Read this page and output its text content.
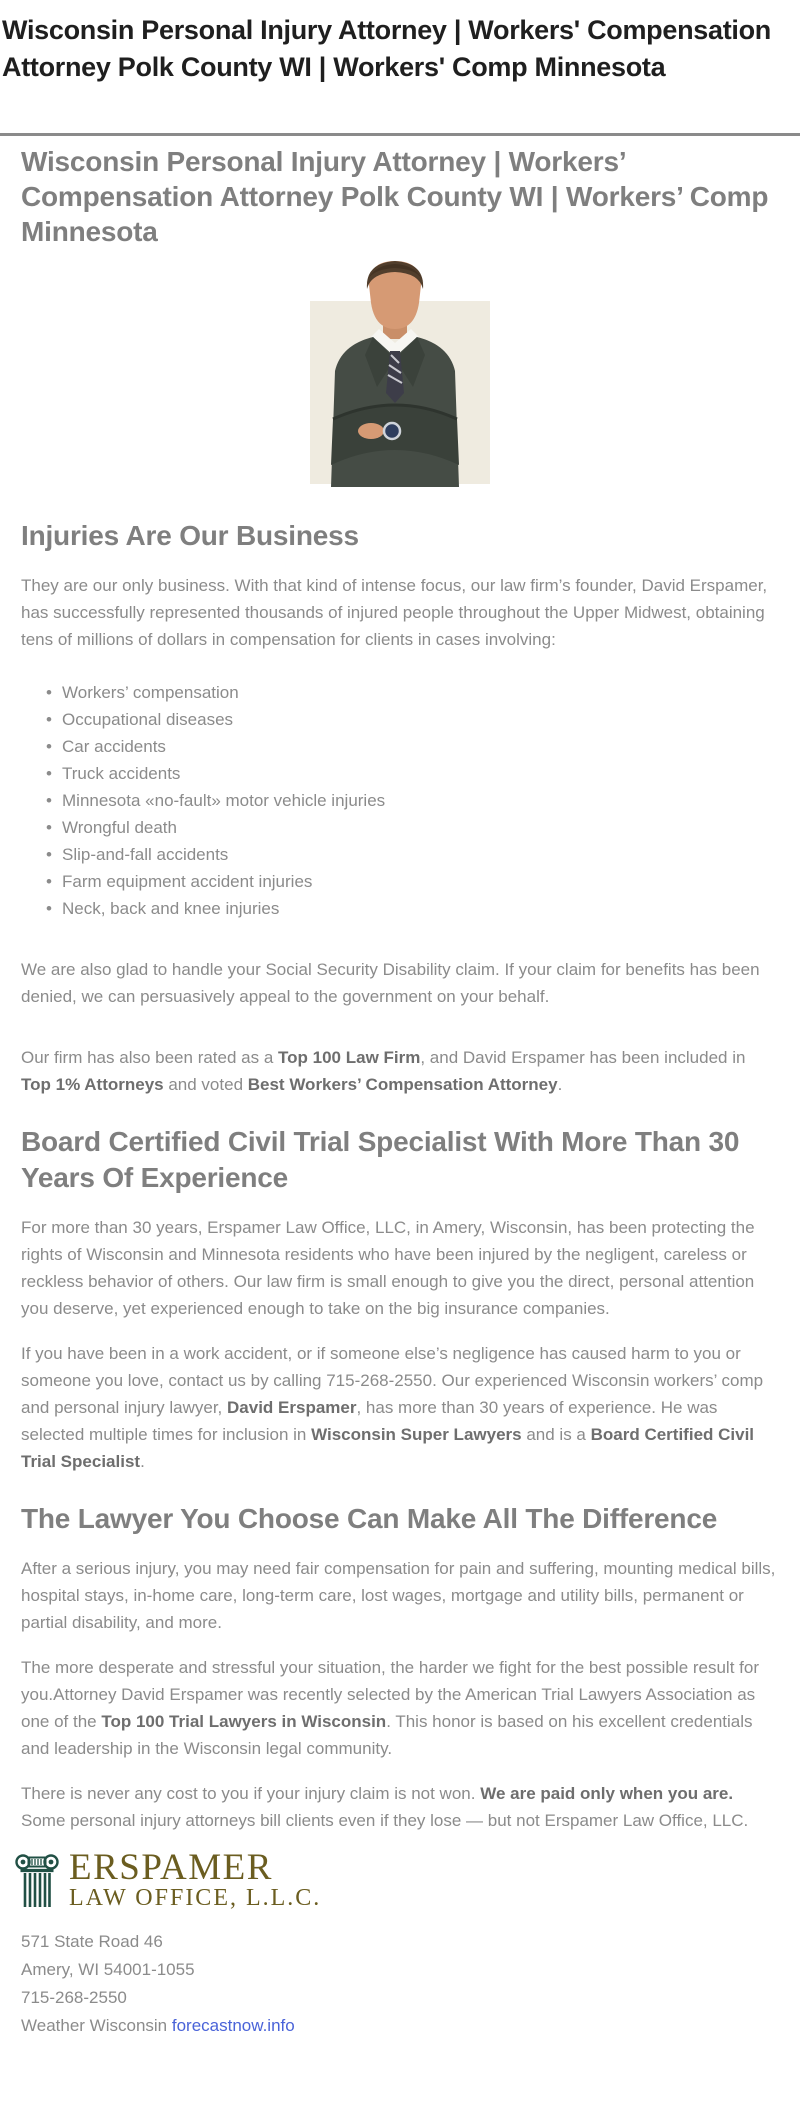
Wisconsin Personal Injury Attorney | Workers' Compensation Attorney Polk County WI | Workers' Comp Minnesota
Wisconsin Personal Injury Attorney | Workers’ Compensation Attorney Polk County WI | Workers’ Comp Minnesota
Injuries Are Our Business

They are our only business. With that kind of intense focus, our law firm’s founder, David Erspamer, has successfully represented thousands of injured people throughout the Upper Midwest, obtaining tens of millions of dollars in compensation for clients in cases involving:

• Workers’ compensation
• Occupational diseases
• Car accidents
• Truck accidents
• Minnesota «no-fault» motor vehicle injuries
• Wrongful death
• Slip-and-fall accidents
• Farm equipment accident injuries
• Neck, back and knee injuries

We are also glad to handle your Social Security Disability claim. If your claim for benefits has been denied, we can persuasively appeal to the government on your behalf.

Our firm has also been rated as a Top 100 Law Firm, and David Erspamer has been included in Top 1% Attorneys and voted Best Workers’ Compensation Attorney.

Board Certified Civil Trial Specialist With More Than 30 Years Of Experience

For more than 30 years, Erspamer Law Office, LLC, in Amery, Wisconsin, has been protecting the rights of Wisconsin and Minnesota residents who have been injured by the negligent, careless or reckless behavior of others. Our law firm is small enough to give you the direct, personal attention you deserve, yet experienced enough to take on the big insurance companies.

If you have been in a work accident, or if someone else’s negligence has caused harm to you or someone you love, contact us by calling 715-268-2550. Our experienced Wisconsin workers’ comp and personal injury lawyer, David Erspamer, has more than 30 years of experience. He was selected multiple times for inclusion in Wisconsin Super Lawyers and is a Board Certified Civil Trial Specialist.

The Lawyer You Choose Can Make All The Difference

After a serious injury, you may need fair compensation for pain and suffering, mounting medical bills, hospital stays, in-home care, long-term care, lost wages, mortgage and utility bills, permanent or partial disability, and more.

The more desperate and stressful your situation, the harder we fight for the best possible result for you.Attorney David Erspamer was recently selected by the American Trial Lawyers Association as one of the Top 100 Trial Lawyers in Wisconsin. This honor is based on his excellent credentials and leadership in the Wisconsin legal community.

There is never any cost to you if your injury claim is not won. We are paid only when you are. Some personal injury attorneys bill clients even if they lose — but not Erspamer Law Office, LLC.

ERSPAMER
LAW OFFICE, L.L.C.
571 State Road 46
Amery, WI 54001-1055
715-268-2550
Weather Wisconsin forecastnow.info
